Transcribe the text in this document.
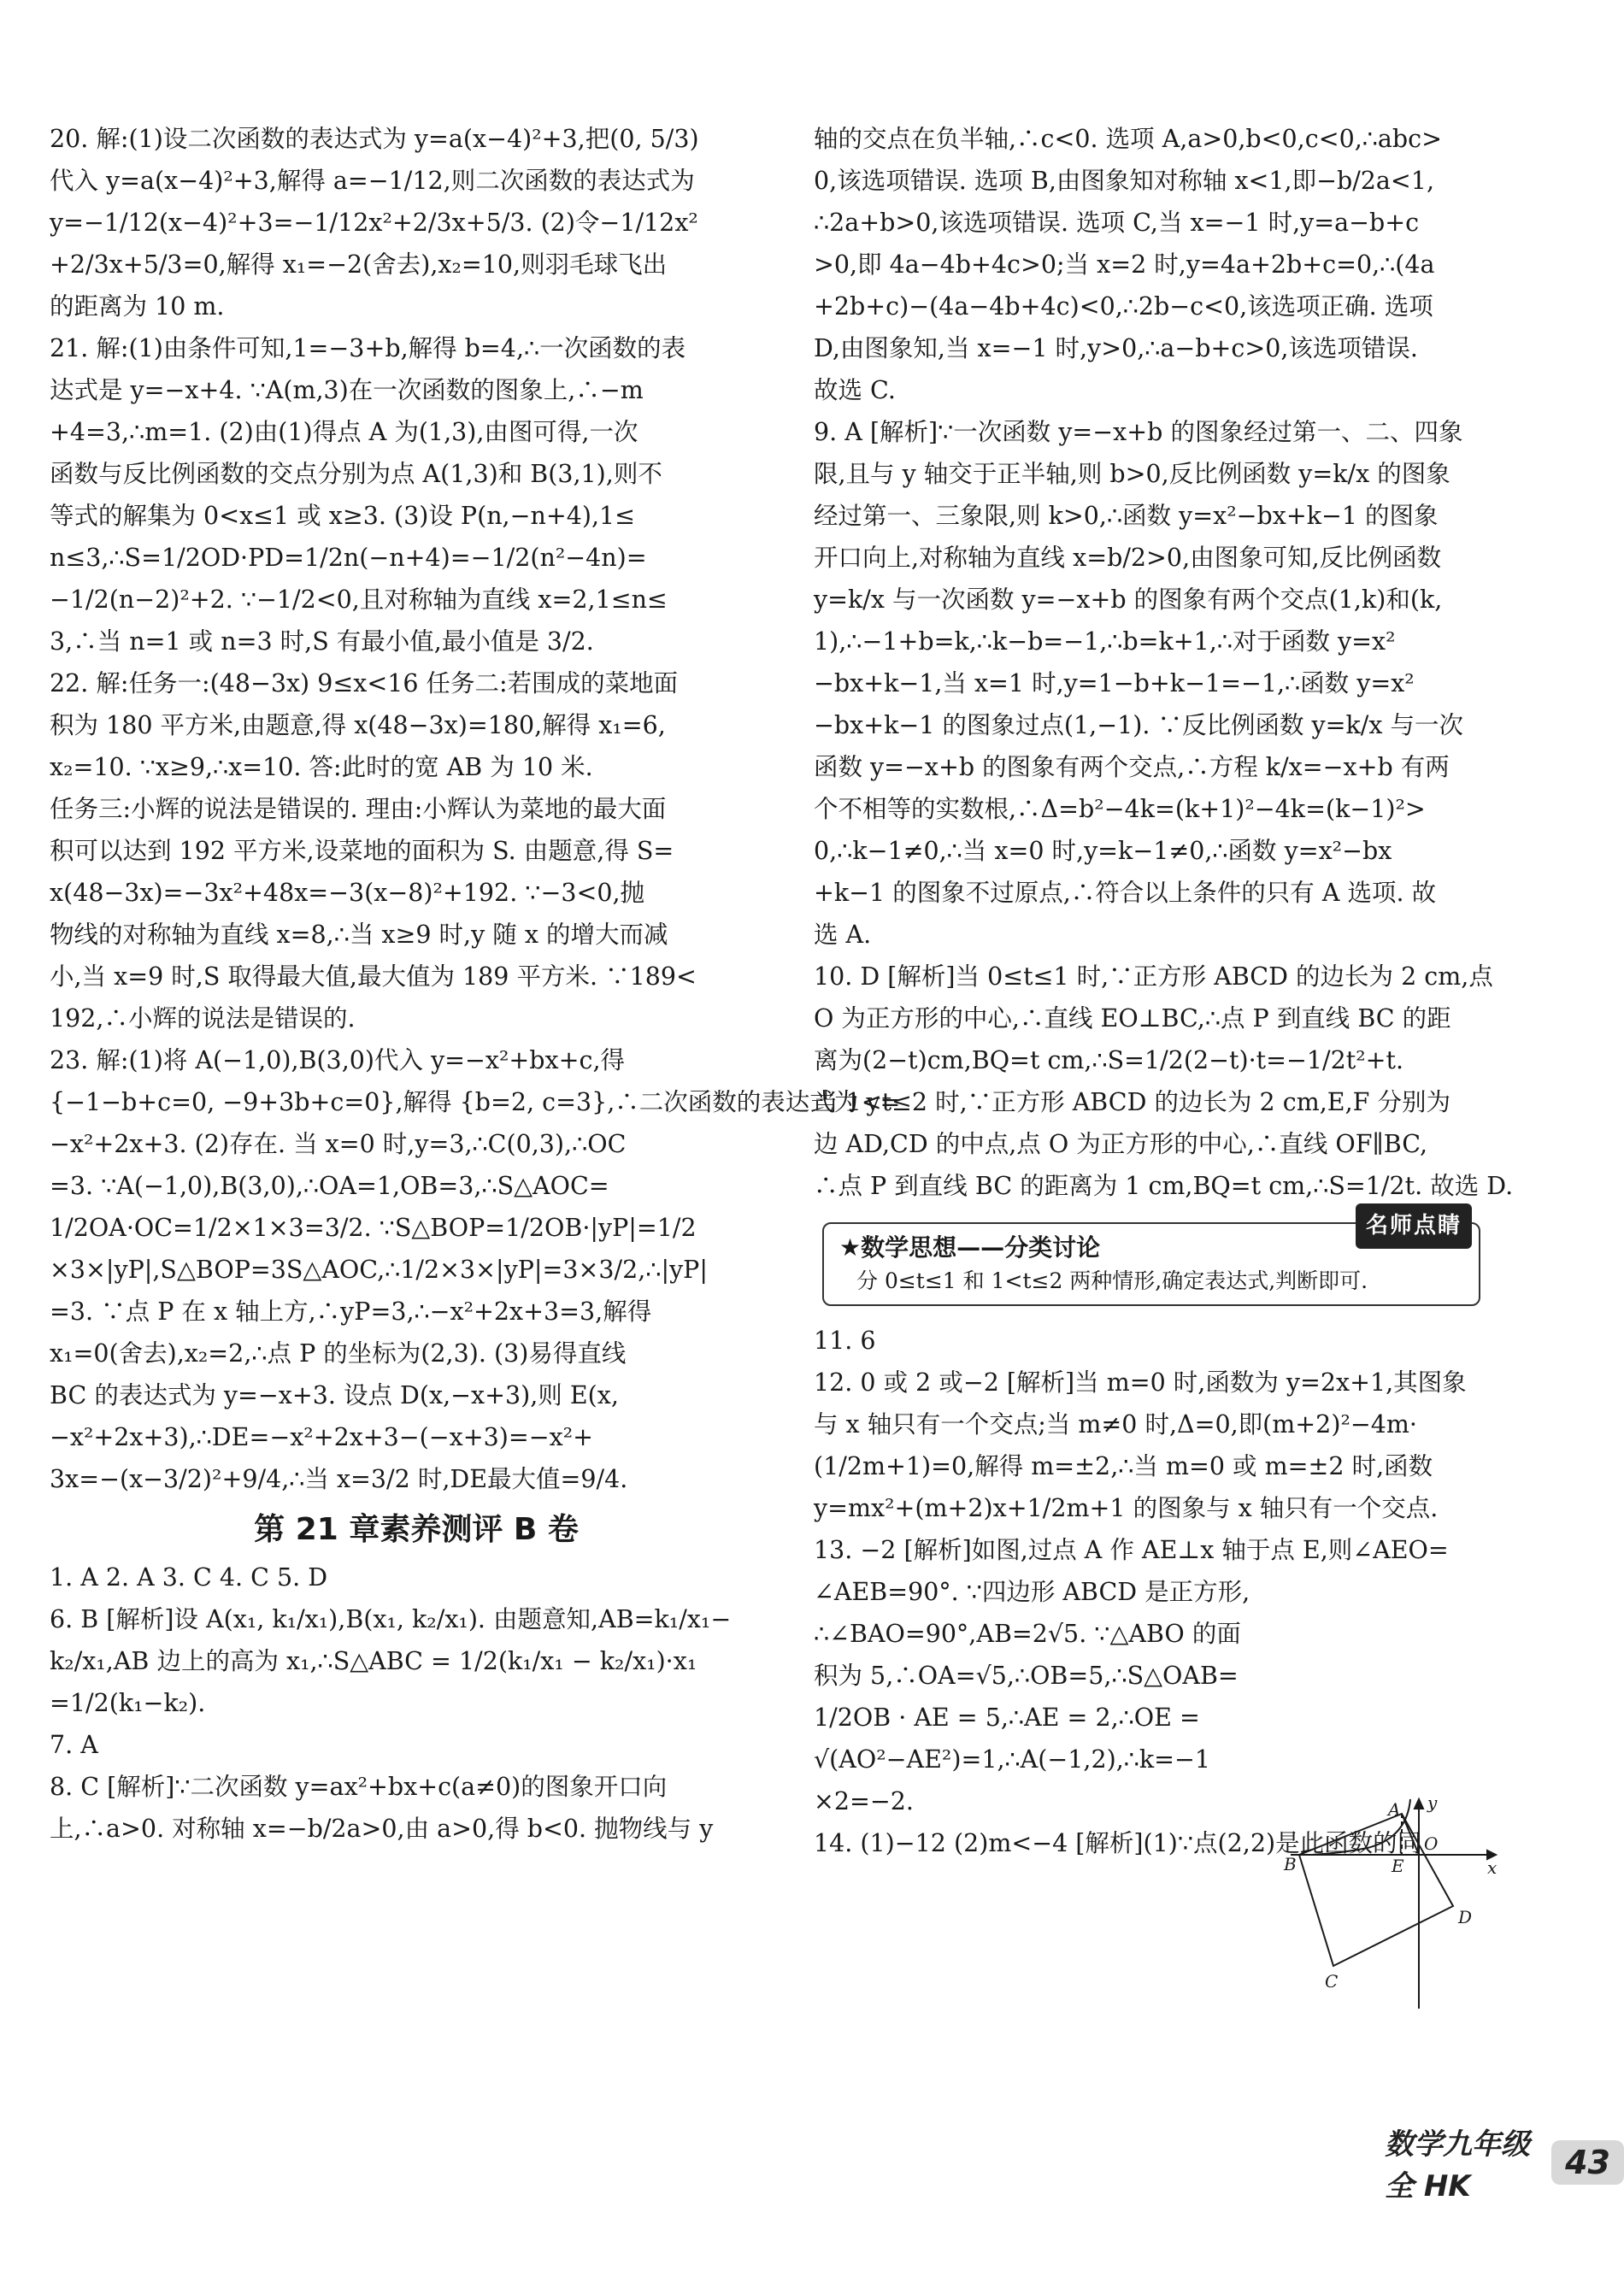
20. 解:(1)设二次函数的表达式为 y=a(x−4)²+3,把(0, 5/3)
代入 y=a(x−4)²+3,解得 a=−1/12,则二次函数的表达式为
y=−1/12(x−4)²+3=−1/12x²+2/3x+5/3. (2)令−1/12x²
+2/3x+5/3=0,解得 x₁=−2(舍去),x₂=10,则羽毛球飞出
的距离为 10 m.
21. 解:(1)由条件可知,1=−3+b,解得 b=4,∴一次函数的表
达式是 y=−x+4. ∵A(m,3)在一次函数的图象上,∴−m
+4=3,∴m=1. (2)由(1)得点 A 为(1,3),由图可得,一次
函数与反比例函数的交点分别为点 A(1,3)和 B(3,1),则不
等式的解集为 0<x≤1 或 x≥3. (3)设 P(n,−n+4),1≤
n≤3,∴S=1/2OD·PD=1/2n(−n+4)=−1/2(n²−4n)=
−1/2(n−2)²+2. ∵−1/2<0,且对称轴为直线 x=2,1≤n≤
3,∴当 n=1 或 n=3 时,S 有最小值,最小值是 3/2.
22. 解:任务一:(48−3x) 9≤x<16 任务二:若围成的菜地面
积为 180 平方米,由题意,得 x(48−3x)=180,解得 x₁=6,
x₂=10. ∵x≥9,∴x=10. 答:此时的宽 AB 为 10 米.
任务三:小辉的说法是错误的. 理由:小辉认为菜地的最大面
积可以达到 192 平方米,设菜地的面积为 S. 由题意,得 S=
x(48−3x)=−3x²+48x=−3(x−8)²+192. ∵−3<0,抛
物线的对称轴为直线 x=8,∴当 x≥9 时,y 随 x 的增大而减
小,当 x=9 时,S 取得最大值,最大值为 189 平方米. ∵189<
192,∴小辉的说法是错误的.
23. 解:(1)将 A(−1,0),B(3,0)代入 y=−x²+bx+c,得
{−1−b+c=0, −9+3b+c=0},解得 {b=2, c=3},∴二次函数的表达式为 y=
−x²+2x+3. (2)存在. 当 x=0 时,y=3,∴C(0,3),∴OC
=3. ∵A(−1,0),B(3,0),∴OA=1,OB=3,∴S△AOC=
1/2OA·OC=1/2×1×3=3/2. ∵S△BOP=1/2OB·|yP|=1/2
×3×|yP|,S△BOP=3S△AOC,∴1/2×3×|yP|=3×3/2,∴|yP|
=3. ∵点 P 在 x 轴上方,∴yP=3,∴−x²+2x+3=3,解得
x₁=0(舍去),x₂=2,∴点 P 的坐标为(2,3). (3)易得直线
BC 的表达式为 y=−x+3. 设点 D(x,−x+3),则 E(x,
−x²+2x+3),∴DE=−x²+2x+3−(−x+3)=−x²+
3x=−(x−3/2)²+9/4,∴当 x=3/2 时,DE最大值=9/4.
第 21 章素养测评 B 卷
1. A 2. A 3. C 4. C 5. D
6. B [解析]设 A(x₁, k₁/x₁),B(x₁, k₂/x₁). 由题意知,AB=k₁/x₁−
k₂/x₁,AB 边上的高为 x₁,∴S△ABC = 1/2(k₁/x₁ − k₂/x₁)·x₁
=1/2(k₁−k₂).
7. A
8. C [解析]∵二次函数 y=ax²+bx+c(a≠0)的图象开口向
上,∴a>0. 对称轴 x=−b/2a>0,由 a>0,得 b<0. 抛物线与 y
轴的交点在负半轴,∴c<0. 选项 A,a>0,b<0,c<0,∴abc>
0,该选项错误. 选项 B,由图象知对称轴 x<1,即−b/2a<1,
∴2a+b>0,该选项错误. 选项 C,当 x=−1 时,y=a−b+c
>0,即 4a−4b+4c>0;当 x=2 时,y=4a+2b+c=0,∴(4a
+2b+c)−(4a−4b+4c)<0,∴2b−c<0,该选项正确. 选项
D,由图象知,当 x=−1 时,y>0,∴a−b+c>0,该选项错误.
故选 C.
9. A [解析]∵一次函数 y=−x+b 的图象经过第一、二、四象
限,且与 y 轴交于正半轴,则 b>0,反比例函数 y=k/x 的图象
经过第一、三象限,则 k>0,∴函数 y=x²−bx+k−1 的图象
开口向上,对称轴为直线 x=b/2>0,由图象可知,反比例函数
y=k/x 与一次函数 y=−x+b 的图象有两个交点(1,k)和(k,
1),∴−1+b=k,∴k−b=−1,∴b=k+1,∴对于函数 y=x²
−bx+k−1,当 x=1 时,y=1−b+k−1=−1,∴函数 y=x²
−bx+k−1 的图象过点(1,−1). ∵反比例函数 y=k/x 与一次
函数 y=−x+b 的图象有两个交点,∴方程 k/x=−x+b 有两
个不相等的实数根,∴Δ=b²−4k=(k+1)²−4k=(k−1)²>
0,∴k−1≠0,∴当 x=0 时,y=k−1≠0,∴函数 y=x²−bx
+k−1 的图象不过原点,∴符合以上条件的只有 A 选项. 故
选 A.
10. D [解析]当 0≤t≤1 时,∵正方形 ABCD 的边长为 2 cm,点
O 为正方形的中心,∴直线 EO⊥BC,∴点 P 到直线 BC 的距
离为(2−t)cm,BQ=t cm,∴S=1/2(2−t)·t=−1/2t²+t.
当 1<t≤2 时,∵正方形 ABCD 的边长为 2 cm,E,F 分别为
边 AD,CD 的中点,点 O 为正方形的中心,∴直线 OF∥BC,
∴点 P 到直线 BC 的距离为 1 cm,BQ=t cm,∴S=1/2t. 故选 D.
名师点睛
★数学思想——分类讨论
分 0≤t≤1 和 1<t≤2 两种情形,确定表达式,判断即可.
11. 6
12. 0 或 2 或−2 [解析]当 m=0 时,函数为 y=2x+1,其图象
与 x 轴只有一个交点;当 m≠0 时,Δ=0,即(m+2)²−4m·
(1/2m+1)=0,解得 m=±2,∴当 m=0 或 m=±2 时,函数
y=mx²+(m+2)x+1/2m+1 的图象与 x 轴只有一个交点.
13. −2 [解析]如图,过点 A 作 AE⊥x 轴于点 E,则∠AEO=
∠AEB=90°. ∵四边形 ABCD 是正方形,
∴∠BAO=90°,AB=2√5. ∵△ABO 的面
积为 5,∴OA=√5,∴OB=5,∴S△OAB=
1/2OB · AE = 5,∴AE = 2,∴OE =
√(AO²−AE²)=1,∴A(−1,2),∴k=−1
×2=−2.
14. (1)−12 (2)m<−4 [解析](1)∵点(2,2)是此函数的同
A
B
C
D
E
O
x
y
数学九年级 全 HK
43
